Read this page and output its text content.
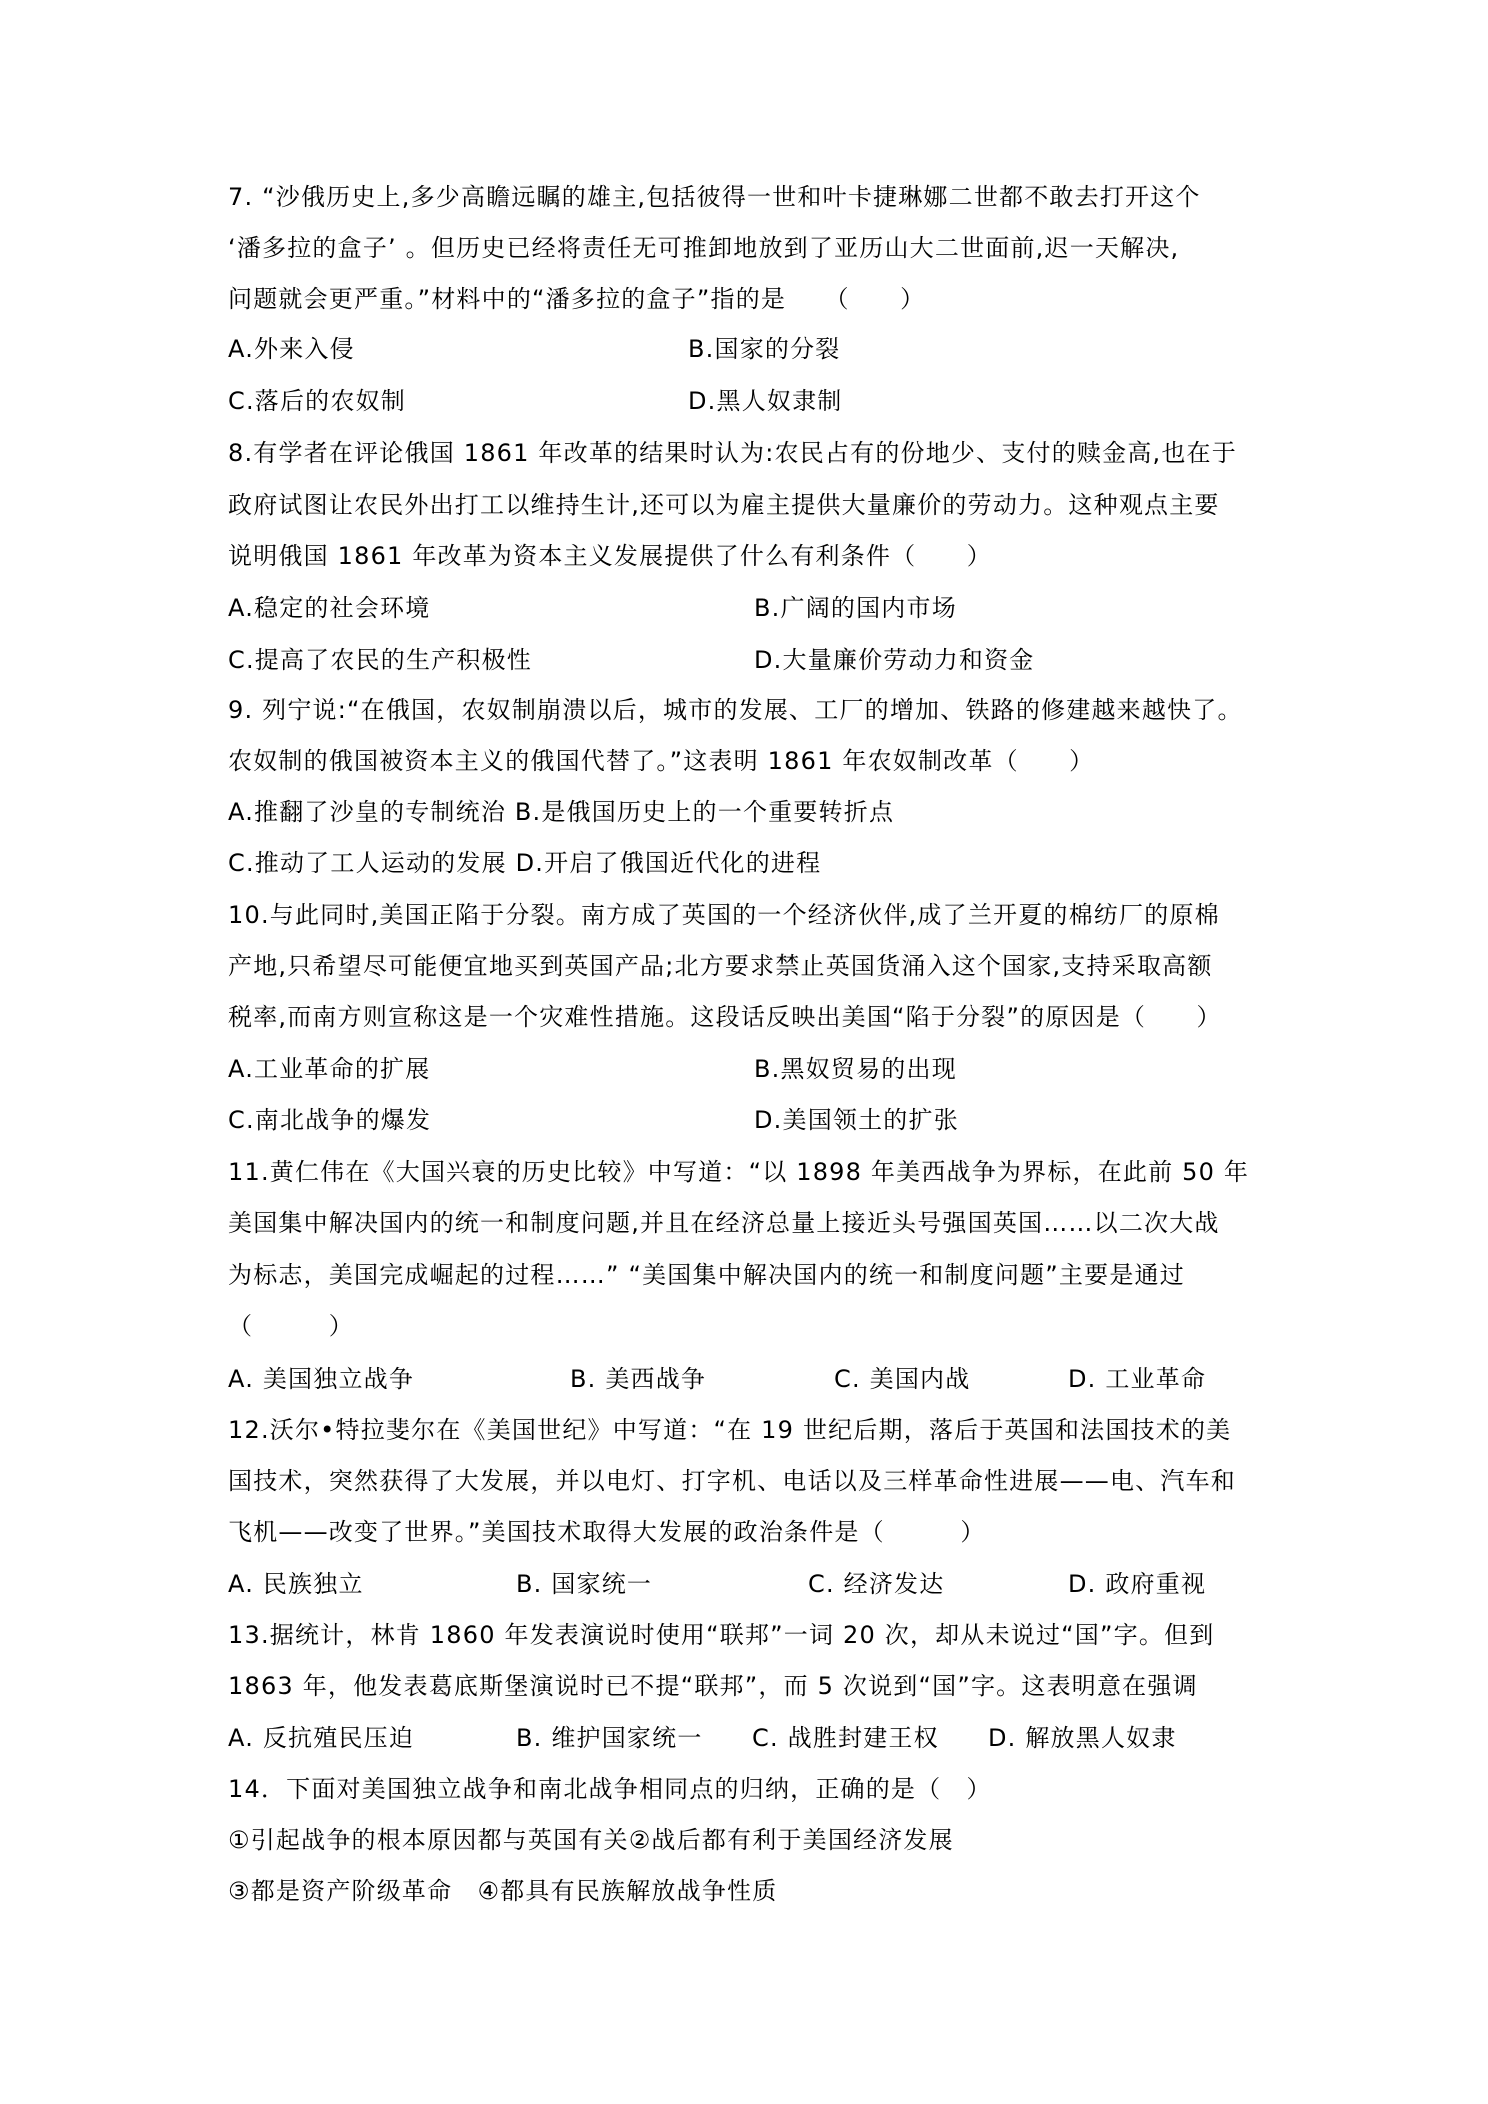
7. “沙俄历史上,多少高瞻远瞩的雄主,包括彼得一世和叶卡捷琳娜二世都不敢去打开这个
‘潘多拉的盒子’ 。但历史已经将责任无可推卸地放到了亚历山大二世面前,迟一天解决,
问题就会更严重。”材料中的“潘多拉的盒子”指的是　　（　　）
A.外来入侵	B.国家的分裂
C.落后的农奴制	D.黑人奴隶制
8.有学者在评论俄国 1861 年改革的结果时认为:农民占有的份地少、支付的赎金高,也在于
政府试图让农民外出打工以维持生计,还可以为雇主提供大量廉价的劳动力。这种观点主要
说明俄国 1861 年改革为资本主义发展提供了什么有利条件（　　）
A.稳定的社会环境	B.广阔的国内市场
C.提高了农民的生产积极性	D.大量廉价劳动力和资金
9. 列宁说:“在俄国，农奴制崩溃以后，城市的发展、工厂的增加、铁路的修建越来越快了。
农奴制的俄国被资本主义的俄国代替了。”这表明 1861 年农奴制改革（　　）
A.推翻了沙皇的专制统治 B.是俄国历史上的一个重要转折点
C.推动了工人运动的发展 D.开启了俄国近代化的进程
10.与此同时,美国正陷于分裂。南方成了英国的一个经济伙伴,成了兰开夏的棉纺厂的原棉
产地,只希望尽可能便宜地买到英国产品;北方要求禁止英国货涌入这个国家,支持采取高额
税率,而南方则宣称这是一个灾难性措施。这段话反映出美国“陷于分裂”的原因是（　　）
A.工业革命的扩展	B.黑奴贸易的出现
C.南北战争的爆发	D.美国领土的扩张
11.黄仁伟在《大国兴衰的历史比较》中写道：“以 1898 年美西战争为界标，在此前 50 年
美国集中解决国内的统一和制度问题,并且在经济总量上接近头号强国英国……以二次大战
为标志，美国完成崛起的过程……” “美国集中解决国内的统一和制度问题”主要是通过
（　　　）
A. 美国独立战争	B. 美西战争	C. 美国内战	D. 工业革命
12.沃尔•特拉斐尔在《美国世纪》中写道：“在 19 世纪后期，落后于英国和法国技术的美
国技术，突然获得了大发展，并以电灯、打字机、电话以及三样革命性进展——电、汽车和
飞机——改变了世界。”美国技术取得大发展的政治条件是（　　　）
A. 民族独立	B. 国家统一	C. 经济发达	D. 政府重视
13.据统计，林肯 1860 年发表演说时使用“联邦”一词 20 次，却从未说过“国”字。但到
1863 年，他发表葛底斯堡演说时已不提“联邦”，而 5 次说到“国”字。这表明意在强调
A. 反抗殖民压迫	B. 维护国家统一 C. 战胜封建王权 D. 解放黑人奴隶
14．下面对美国独立战争和南北战争相同点的归纳，正确的是（　）
①引起战争的根本原因都与英国有关②战后都有利于美国经济发展
③都是资产阶级革命　④都具有民族解放战争性质
